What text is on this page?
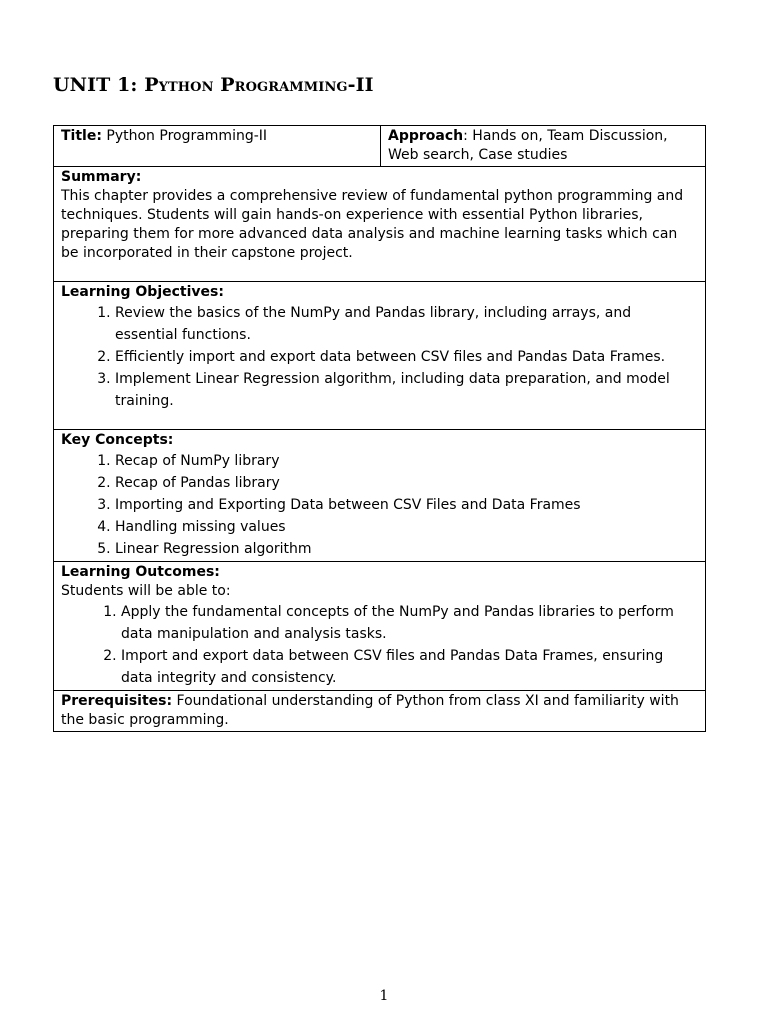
UNIT 1: Python Programming-II
Title: Python Programming-II	Approach: Hands on, Team Discussion, Web search, Case studies
Summary:
This chapter provides a comprehensive review of fundamental python programming and techniques. Students will gain hands-on experience with essential Python libraries, preparing them for more advanced data analysis and machine learning tasks which can be incorporated in their capstone project.
Learning Objectives:
1. Review the basics of the NumPy and Pandas library, including arrays, and essential functions.
2. Efficiently import and export data between CSV files and Pandas Data Frames.
3. Implement Linear Regression algorithm, including data preparation, and model training.

Key Concepts:
1. Recap of NumPy library
2. Recap of Pandas library
3. Importing and Exporting Data between CSV Files and Data Frames
4. Handling missing values
5. Linear Regression algorithm

Learning Outcomes:
Students will be able to:
1. Apply the fundamental concepts of the NumPy and Pandas libraries to perform data manipulation and analysis tasks.
2. Import and export data between CSV files and Pandas Data Frames, ensuring data integrity and consistency.

Prerequisites: Foundational understanding of Python from class XI and familiarity with the basic programming.
1
